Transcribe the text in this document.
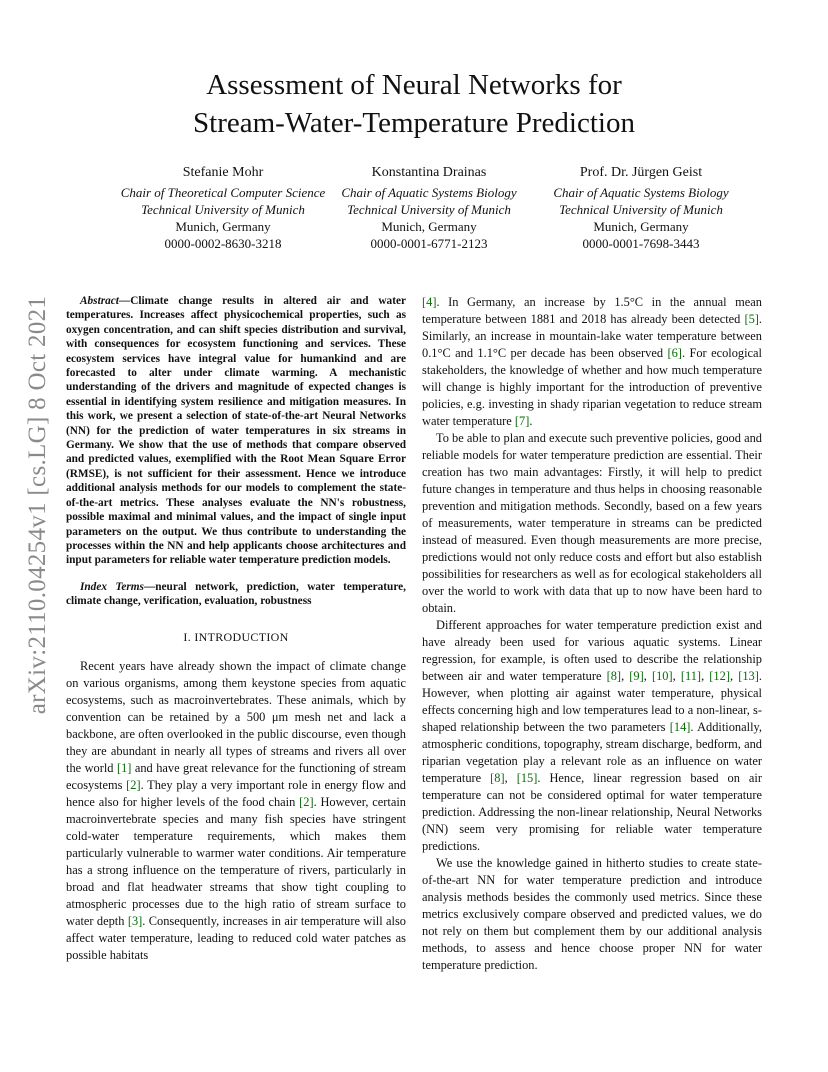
arXiv:2110.04254v1 [cs.LG] 8 Oct 2021
Assessment of Neural Networks for
Stream-Water-Temperature Prediction
Stefanie Mohr
Chair of Theoretical Computer Science
Technical University of Munich
Munich, Germany
0000-0002-8630-3218
Konstantina Drainas
Chair of Aquatic Systems Biology
Technical University of Munich
Munich, Germany
0000-0001-6771-2123
Prof. Dr. Jürgen Geist
Chair of Aquatic Systems Biology
Technical University of Munich
Munich, Germany
0000-0001-7698-3443

Abstract—Climate change results in altered air and water temperatures. Increases affect physicochemical properties, such as oxygen concentration, and can shift species distribution and survival, with consequences for ecosystem functioning and services. These ecosystem services have integral value for humankind and are forecasted to alter under climate warming. A mechanistic understanding of the drivers and magnitude of expected changes is essential in identifying system resilience and mitigation measures. In this work, we present a selection of state-of-the-art Neural Networks (NN) for the prediction of water temperatures in six streams in Germany. We show that the use of methods that compare observed and predicted values, exemplified with the Root Mean Square Error (RMSE), is not sufficient for their assessment. Hence we introduce additional analysis methods for our models to complement the state-of-the-art metrics. These analyses evaluate the NN's robustness, possible maximal and minimal values, and the impact of single input parameters on the output. We thus contribute to understanding the processes within the NN and help applicants choose architectures and input parameters for reliable water temperature prediction models.

Index Terms—neural network, prediction, water temperature, climate change, verification, evaluation, robustness

I. INTRODUCTION

Recent years have already shown the impact of climate change on various organisms, among them keystone species from aquatic ecosystems, such as macroinvertebrates. These animals, which by convention can be retained by a 500 μm mesh net and lack a backbone, are often overlooked in the public discourse, even though they are abundant in nearly all types of streams and rivers all over the world [1] and have great relevance for the functioning of stream ecosystems [2]. They play a very important role in energy flow and hence also for higher levels of the food chain [2]. However, certain macroinvertebrate species and many fish species have stringent cold-water temperature requirements, which makes them particularly vulnerable to warmer water conditions. Air temperature has a strong influence on the temperature of rivers, particularly in broad and flat headwater streams that show tight coupling to atmospheric processes due to the high ratio of stream surface to water depth [3]. Consequently, increases in air temperature will also affect water temperature, leading to reduced cold water patches as possible habitats

[4]. In Germany, an increase by 1.5°C in the annual mean temperature between 1881 and 2018 has already been detected [5]. Similarly, an increase in mountain-lake water temperature between 0.1°C and 1.1°C per decade has been observed [6]. For ecological stakeholders, the knowledge of whether and how much temperature will change is highly important for the introduction of preventive policies, e.g. investing in shady riparian vegetation to reduce stream water temperature [7].

To be able to plan and execute such preventive policies, good and reliable models for water temperature prediction are essential. Their creation has two main advantages: Firstly, it will help to predict future changes in temperature and thus helps in choosing reasonable prevention and mitigation methods. Secondly, based on a few years of measurements, water temperature in streams can be predicted instead of measured. Even though measurements are more precise, predictions would not only reduce costs and effort but also establish possibilities for researchers as well as for ecological stakeholders all over the world to work with data that up to now have been hard to obtain.

Different approaches for water temperature prediction exist and have already been used for various aquatic systems. Linear regression, for example, is often used to describe the relationship between air and water temperature [8], [9], [10], [11], [12], [13]. However, when plotting air against water temperature, physical effects concerning high and low temperatures lead to a non-linear, s-shaped relationship between the two parameters [14]. Additionally, atmospheric conditions, topography, stream discharge, bedform, and riparian vegetation play a relevant role as an influence on water temperature [8], [15]. Hence, linear regression based on air temperature can not be considered optimal for water temperature prediction. Addressing the non-linear relationship, Neural Networks (NN) seem very promising for reliable water temperature predictions.

We use the knowledge gained in hitherto studies to create state-of-the-art NN for water temperature prediction and introduce analysis methods besides the commonly used metrics. Since these metrics exclusively compare observed and predicted values, we do not rely on them but complement them by our additional analysis methods, to assess and hence choose proper NN for water temperature prediction.
